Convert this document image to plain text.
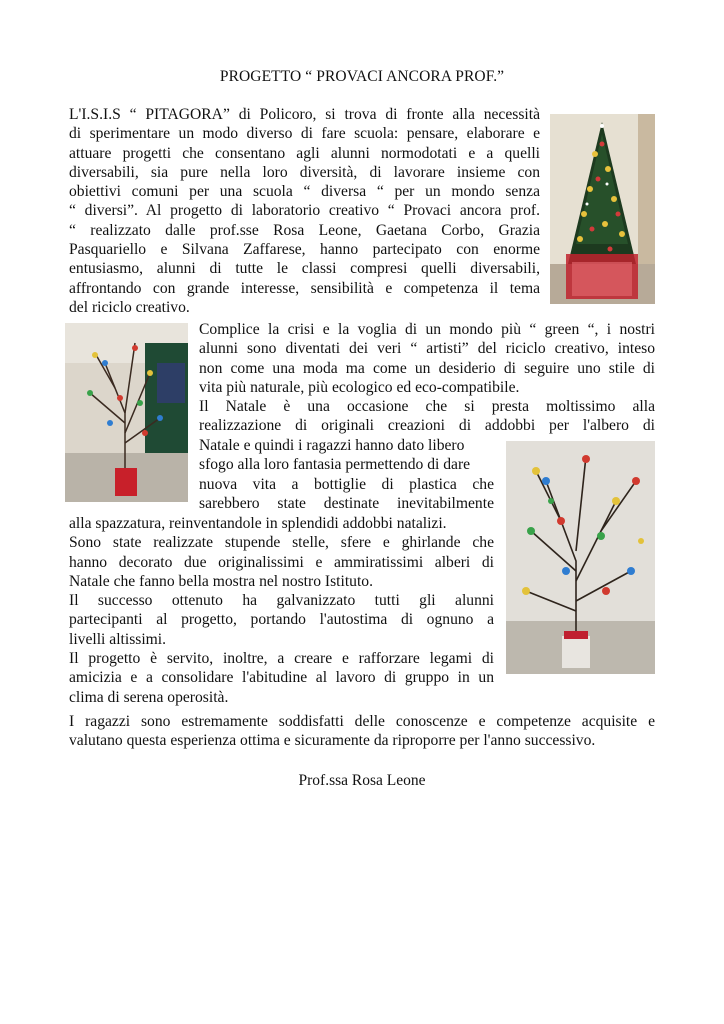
PROGETTO “ PROVACI ANCORA PROF.”
L'I.S.I.S “ PITAGORA” di Policoro, si trova di fronte alla necessità
di sperimentare un modo diverso di fare scuola: pensare, elaborare e
attuare progetti che consentano agli alunni normodotati e a quelli
diversabili, sia pure nella loro diversità, di lavorare insieme con
obiettivi comuni per una scuola “ diversa “ per un mondo senza
“ diversi”. Al progetto di laboratorio creativo “ Provaci ancora prof.
“ realizzato dalle prof.sse Rosa Leone, Gaetana Corbo, Grazia
Pasquariello e Silvana Zaffarese, hanno partecipato con enorme
entusiasmo, alunni di tutte le classi compresi quelli diversabili,
affrontando con grande interesse, sensibilità e competenza il tema
del riciclo creativo.
Complice la crisi e la voglia di un mondo più “ green “, i nostri
alunni sono diventati dei veri “ artisti” del riciclo creativo, inteso
non come una moda ma come un desiderio di seguire uno stile di
vita più naturale, più ecologico ed eco-compatibile.
Il Natale è una occasione che si presta moltissimo alla
realizzazione di originali creazioni di addobbi per l'albero di
Natale e quindi i ragazzi hanno dato libero
sfogo alla loro fantasia permettendo di dare
nuova vita a bottiglie di plastica che
sarebbero state destinate inevitabilmente
alla spazzatura, reinventandole in splendidi addobbi natalizi.
Sono state realizzate stupende stelle, sfere e ghirlande che
hanno decorato due originalissimi e ammiratissimi alberi di
Natale che fanno bella mostra nel nostro Istituto.
Il successo ottenuto ha galvanizzato tutti gli alunni
partecipanti al progetto, portando l'autostima di ognuno a
livelli altissimi.
Il progetto è servito, inoltre, a creare e rafforzare legami di
amicizia e a consolidare l'abitudine al lavoro di gruppo in un
clima di serena operosità.
I ragazzi sono estremamente soddisfatti delle conoscenze e competenze acquisite e
valutano questa esperienza ottima e sicuramente da riproporre per l'anno successivo.
Prof.ssa Rosa Leone
